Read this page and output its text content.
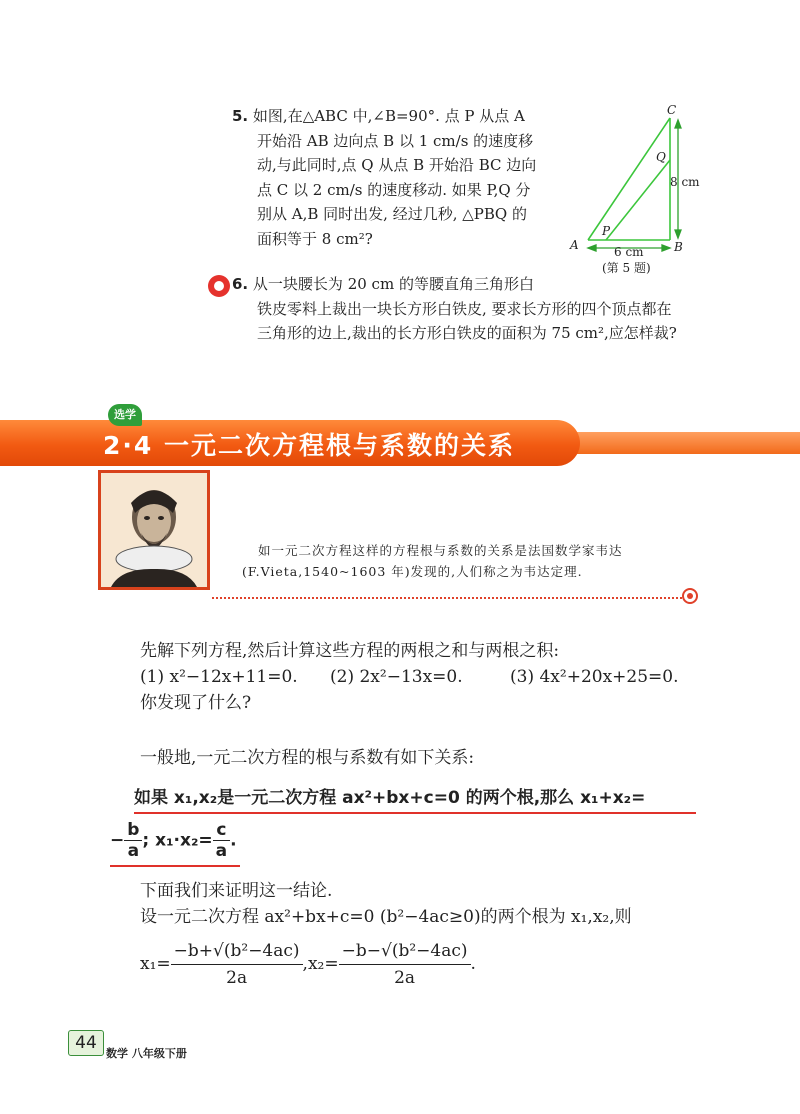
5. 如图,在△ABC 中,∠B=90°. 点 P 从点 A
开始沿 AB 边向点 B 以 1 cm/s 的速度移
动,与此同时,点 Q 从点 B 开始沿 BC 边向
点 C 以 2 cm/s 的速度移动. 如果 P,Q 分
别从 A,B 同时出发, 经过几秒, △PBQ 的
面积等于 8 cm²?
C
Q
A
P
B
8 cm
6 cm
(第 5 题)
6. 从一块腰长为 20 cm 的等腰直角三角形白
铁皮零料上裁出一块长方形白铁皮, 要求长方形的四个顶点都在
三角形的边上,裁出的长方形白铁皮的面积为 75 cm²,应怎样裁?
选学
2·4 一元二次方程根与系数的关系
如一元二次方程这样的方程根与系数的关系是法国数学家韦达
(F.Vieta,1540~1603 年)发现的,人们称之为韦达定理.
先解下列方程,然后计算这些方程的两根之和与两根之积:
(1) x²−12x+11=0.	(2) 2x²−13x=0.	(3) 4x²+20x+25=0.
你发现了什么?
一般地,一元二次方程的根与系数有如下关系:
如果 x₁,x₂是一元二次方程 ax²+bx+c=0 的两个根,那么 x₁+x₂=
− $\frac{b}{a}$ ; $x_1\cdot x_2= \frac{c}{a}$ .
下面我们来证明这一结论.
设一元二次方程 ax²+bx+c=0 (b²−4ac≥0)的两个根为 x₁,x₂,则
$x_1= \frac{\text{−b+√(b²−4ac)}}{2a} ,x_2= \frac{\text{−b−√(b²−4ac)}}{2a}$ .
44
数学 八年级下册
